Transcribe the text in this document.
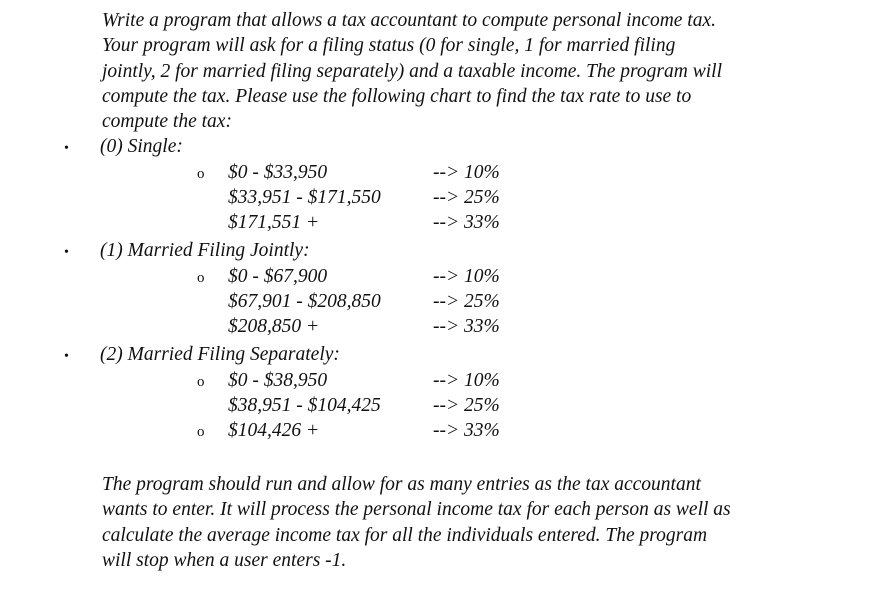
Write a program that allows a tax accountant to compute personal income tax.
Your program will ask for a filing status (0 for single, 1 for married filing
jointly, 2 for married filing separately) and a taxable income. The program will
compute the tax. Please use the following chart to find the tax rate to use to
compute the tax:
• (0) Single:
o $0 - $33,950	--> 10%
$33,951 - $171,550	--> 25%
$171,551 +	--> 33%
• (1) Married Filing Jointly:
o $0 - $67,900	--> 10%
$67,901 - $208,850	--> 25%
$208,850 +	--> 33%
• (2) Married Filing Separately:
o $0 - $38,950	--> 10%
$38,951 - $104,425	--> 25%
o $104,426 +	--> 33%
The program should run and allow for as many entries as the tax accountant
wants to enter. It will process the personal income tax for each person as well as
calculate the average income tax for all the individuals entered. The program
will stop when a user enters -1.
